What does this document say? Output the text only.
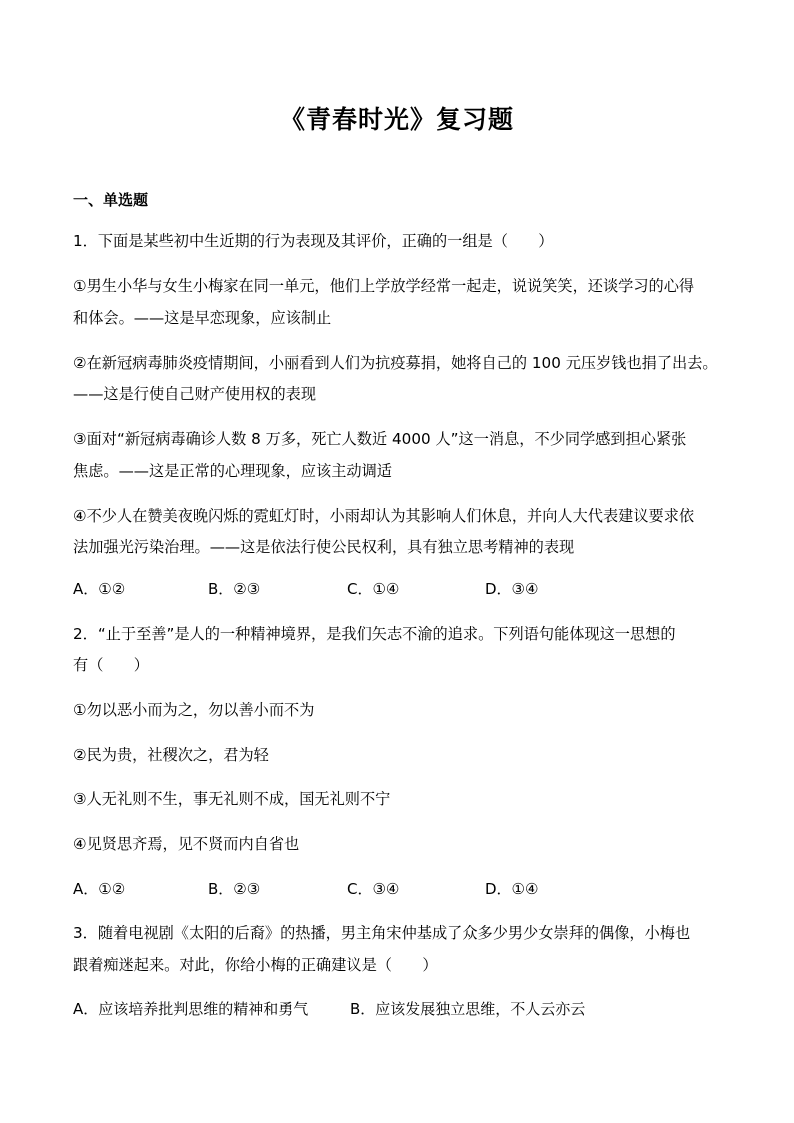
《青春时光》复习题
一、单选题
1．下面是某些初中生近期的行为表现及其评价，正确的一组是（　　）
①男生小华与女生小梅家在同一单元，他们上学放学经常一起走，说说笑笑，还谈学习的心得
和体会。——这是早恋现象，应该制止
②在新冠病毒肺炎疫情期间，小丽看到人们为抗疫募捐，她将自己的 100 元压岁钱也捐了出去。
——这是行使自己财产使用权的表现
③面对“新冠病毒确诊人数 8 万多，死亡人数近 4000 人”这一消息，不少同学感到担心紧张
焦虑。——这是正常的心理现象，应该主动调适
④不少人在赞美夜晚闪烁的霓虹灯时，小雨却认为其影响人们休息，并向人大代表建议要求依
法加强光污染治理。——这是依法行使公民权利，具有独立思考精神的表现
A．①②	B．②③	C．①④	D．③④
2．“止于至善”是人的一种精神境界，是我们矢志不渝的追求。下列语句能体现这一思想的
有（　　）
①勿以恶小而为之，勿以善小而不为
②民为贵，社稷次之，君为轻
③人无礼则不生，事无礼则不成，国无礼则不宁
④见贤思齐焉，见不贤而内自省也
A．①②	B．②③	C．③④	D．①④
3．随着电视剧《太阳的后裔》的热播，男主角宋仲基成了众多少男少女崇拜的偶像，小梅也
跟着痴迷起来。对此，你给小梅的正确建议是（　　）
A．应该培养批判思维的精神和勇气	B．应该发展独立思维，不人云亦云
